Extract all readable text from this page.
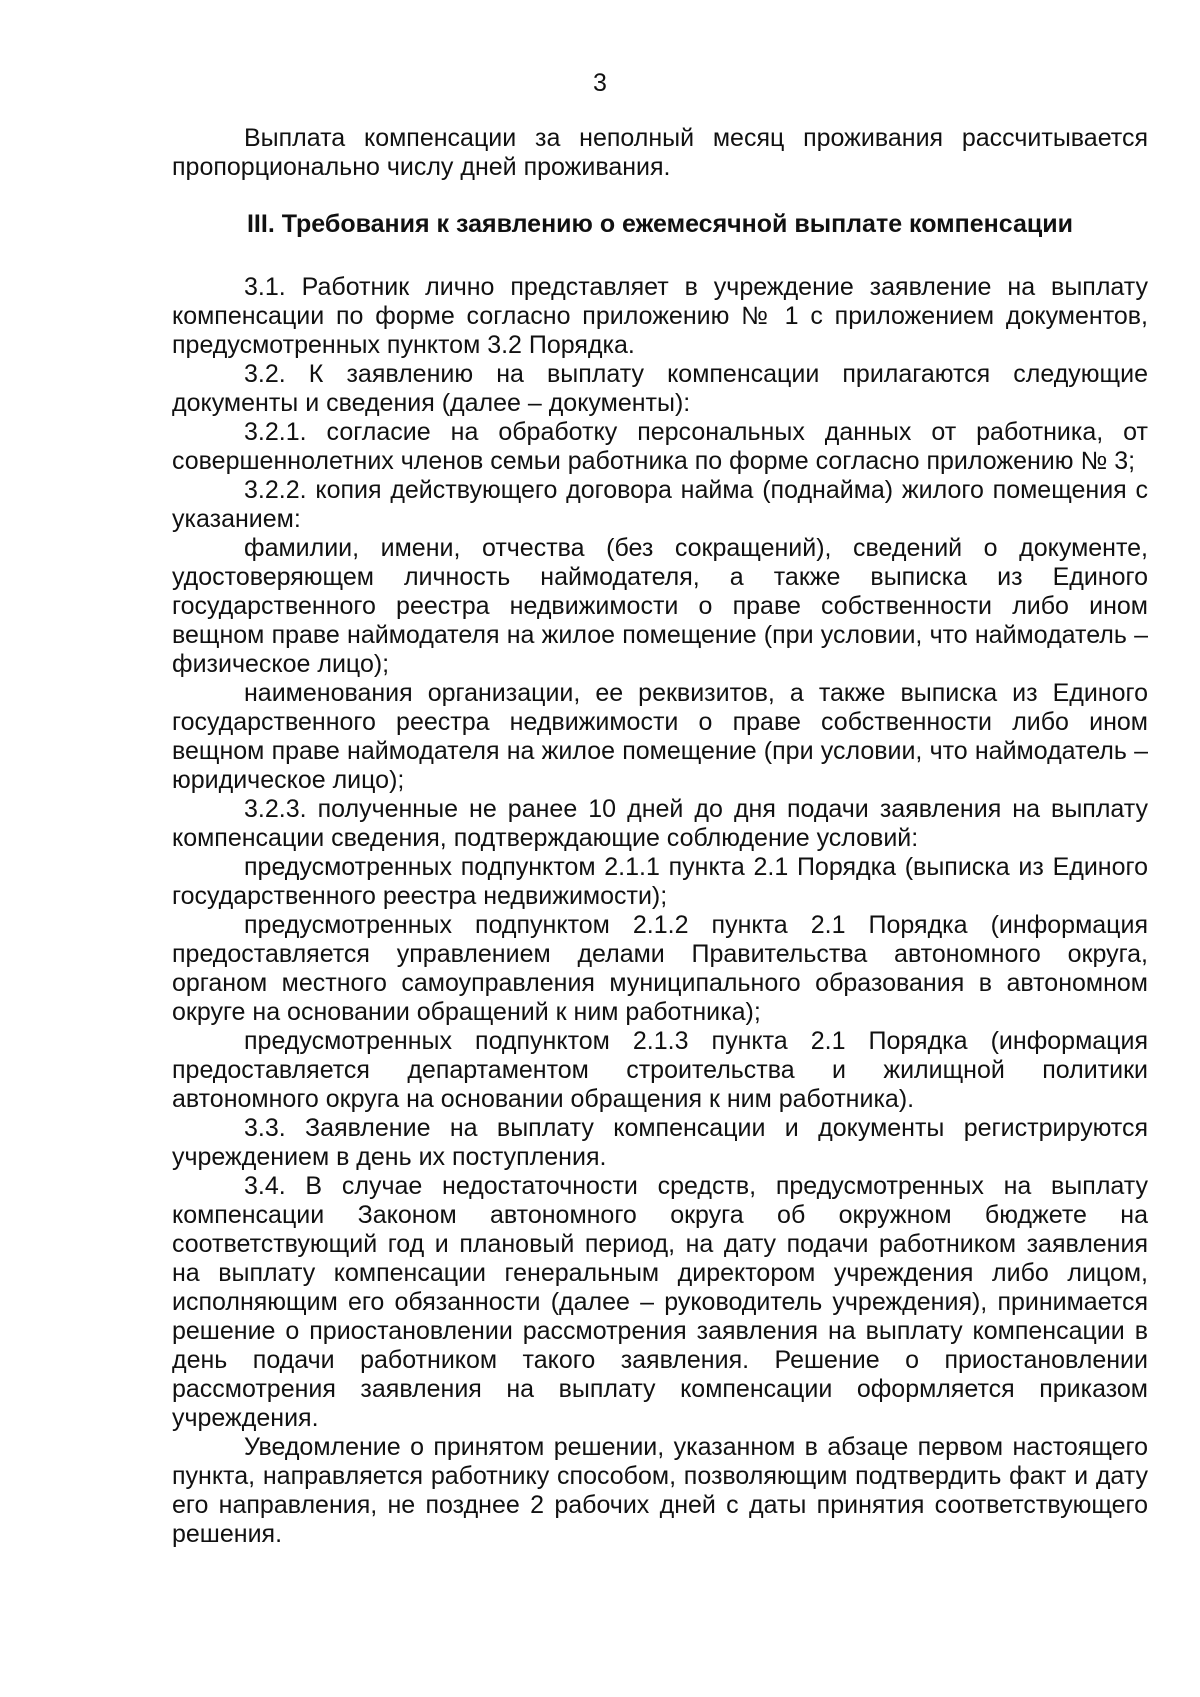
3

Выплата компенсации за неполный месяц проживания рассчитывается пропорционально числу дней проживания.

III. Требования к заявлению о ежемесячной выплате компенсации

3.1. Работник лично представляет в учреждение заявление на выплату компенсации по форме согласно приложению № 1 с приложением документов, предусмотренных пунктом 3.2 Порядка.

3.2. К заявлению на выплату компенсации прилагаются следующие документы и сведения (далее – документы):

3.2.1. согласие на обработку персональных данных от работника, от совершеннолетних членов семьи работника по форме согласно приложению № 3;

3.2.2. копия действующего договора найма (поднайма) жилого помещения с указанием:

фамилии, имени, отчества (без сокращений), сведений о документе, удостоверяющем личность наймодателя, а также выписка из Единого государственного реестра недвижимости о праве собственности либо ином вещном праве наймодателя на жилое помещение (при условии, что наймодатель – физическое лицо);

наименования организации, ее реквизитов, а также выписка из Единого государственного реестра недвижимости о праве собственности либо ином вещном праве наймодателя на жилое помещение (при условии, что наймодатель – юридическое лицо);

3.2.3. полученные не ранее 10 дней до дня подачи заявления на выплату компенсации сведения, подтверждающие соблюдение условий:

предусмотренных подпунктом 2.1.1 пункта 2.1 Порядка (выписка из Единого государственного реестра недвижимости);

предусмотренных подпунктом 2.1.2 пункта 2.1 Порядка (информация предоставляется управлением делами Правительства автономного округа, органом местного самоуправления муниципального образования в автономном округе на основании обращений к ним работника);

предусмотренных подпунктом 2.1.3 пункта 2.1 Порядка (информация предоставляется департаментом строительства и жилищной политики автономного округа на основании обращения к ним работника).

3.3. Заявление на выплату компенсации и документы регистрируются учреждением в день их поступления.

3.4. В случае недостаточности средств, предусмотренных на выплату компенсации Законом автономного округа об окружном бюджете на соответствующий год и плановый период, на дату подачи работником заявления на выплату компенсации генеральным директором учреждения либо лицом, исполняющим его обязанности (далее – руководитель учреждения), принимается решение о приостановлении рассмотрения заявления на выплату компенсации в день подачи работником такого заявления. Решение о приостановлении рассмотрения заявления на выплату компенсации оформляется приказом учреждения.

Уведомление о принятом решении, указанном в абзаце первом настоящего пункта, направляется работнику способом, позволяющим подтвердить факт и дату его направления, не позднее 2 рабочих дней с даты принятия соответствующего решения.
